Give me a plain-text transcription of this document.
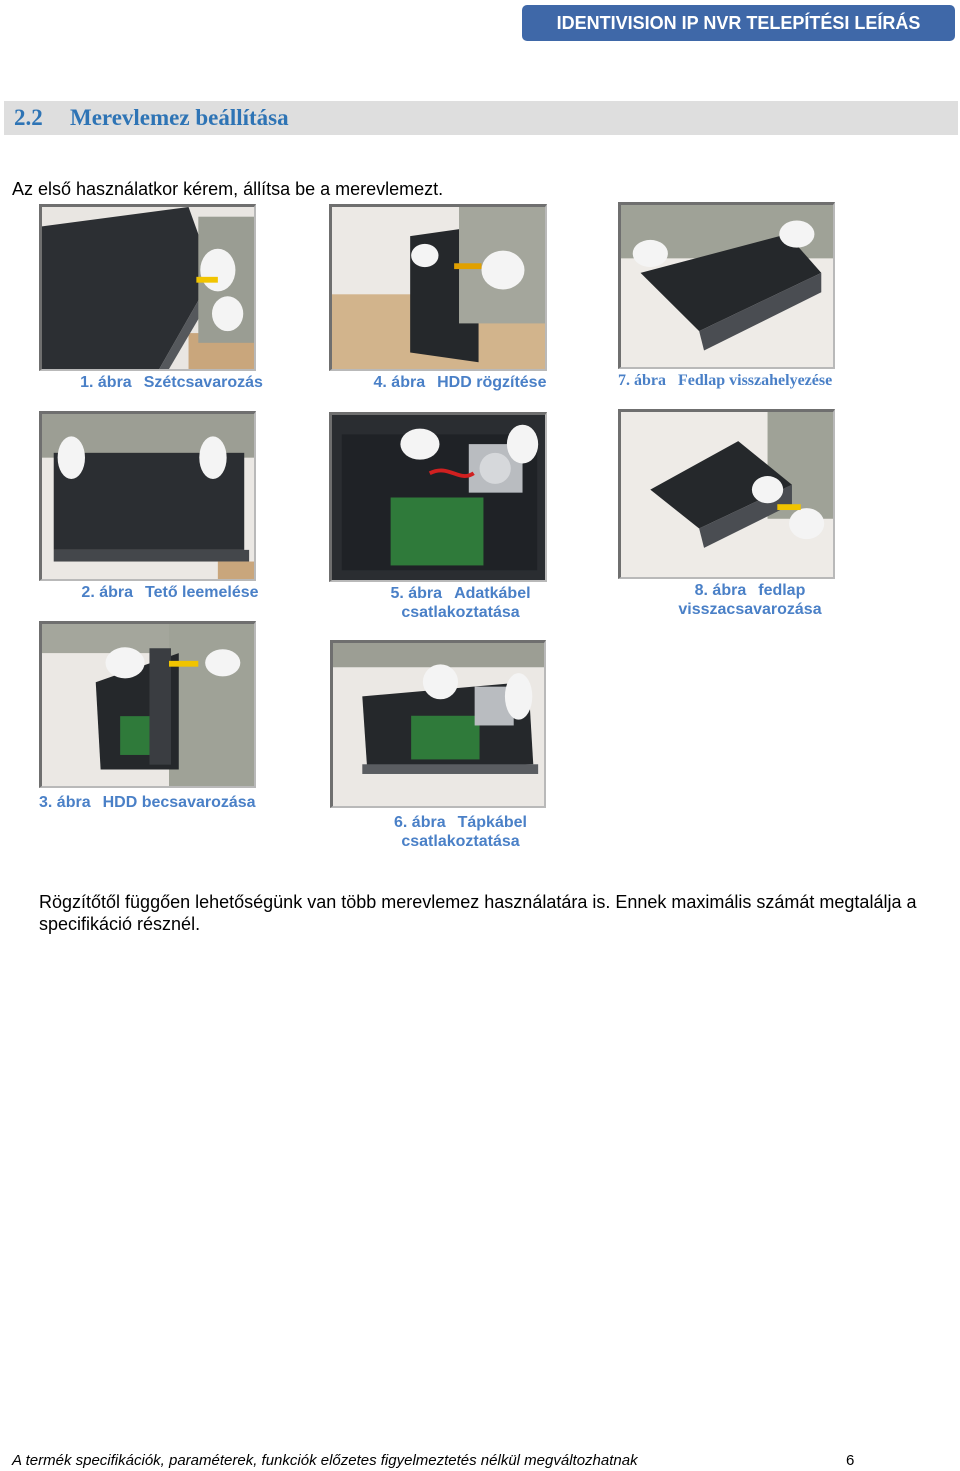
IDENTIVISION IP NVR TELEPÍTÉSI LEÍRÁS
2.2 Merevlemez beállítása
Az első használatkor kérem, állítsa be a merevlemezt.
1. ábra Szétcsavarozás	4. ábra HDD rögzítése	7. ábra Fedlap visszahelyezése
2. ábra Tető leemelése	5. ábra Adatkábel
csatlakoztatása
8. ábra fedlap
visszacsavarozása
3. ábra HDD becsavarozása
6. ábra Tápkábel
csatlakoztatása
Rögzítőtől függően lehetőségünk van több merevlemez használatára is. Ennek maximális számát megtalálja a specifikáció résznél.
A termék specifikációk, paraméterek, funkciók előzetes figyelmeztetés nélkül megváltozhatnak	6
